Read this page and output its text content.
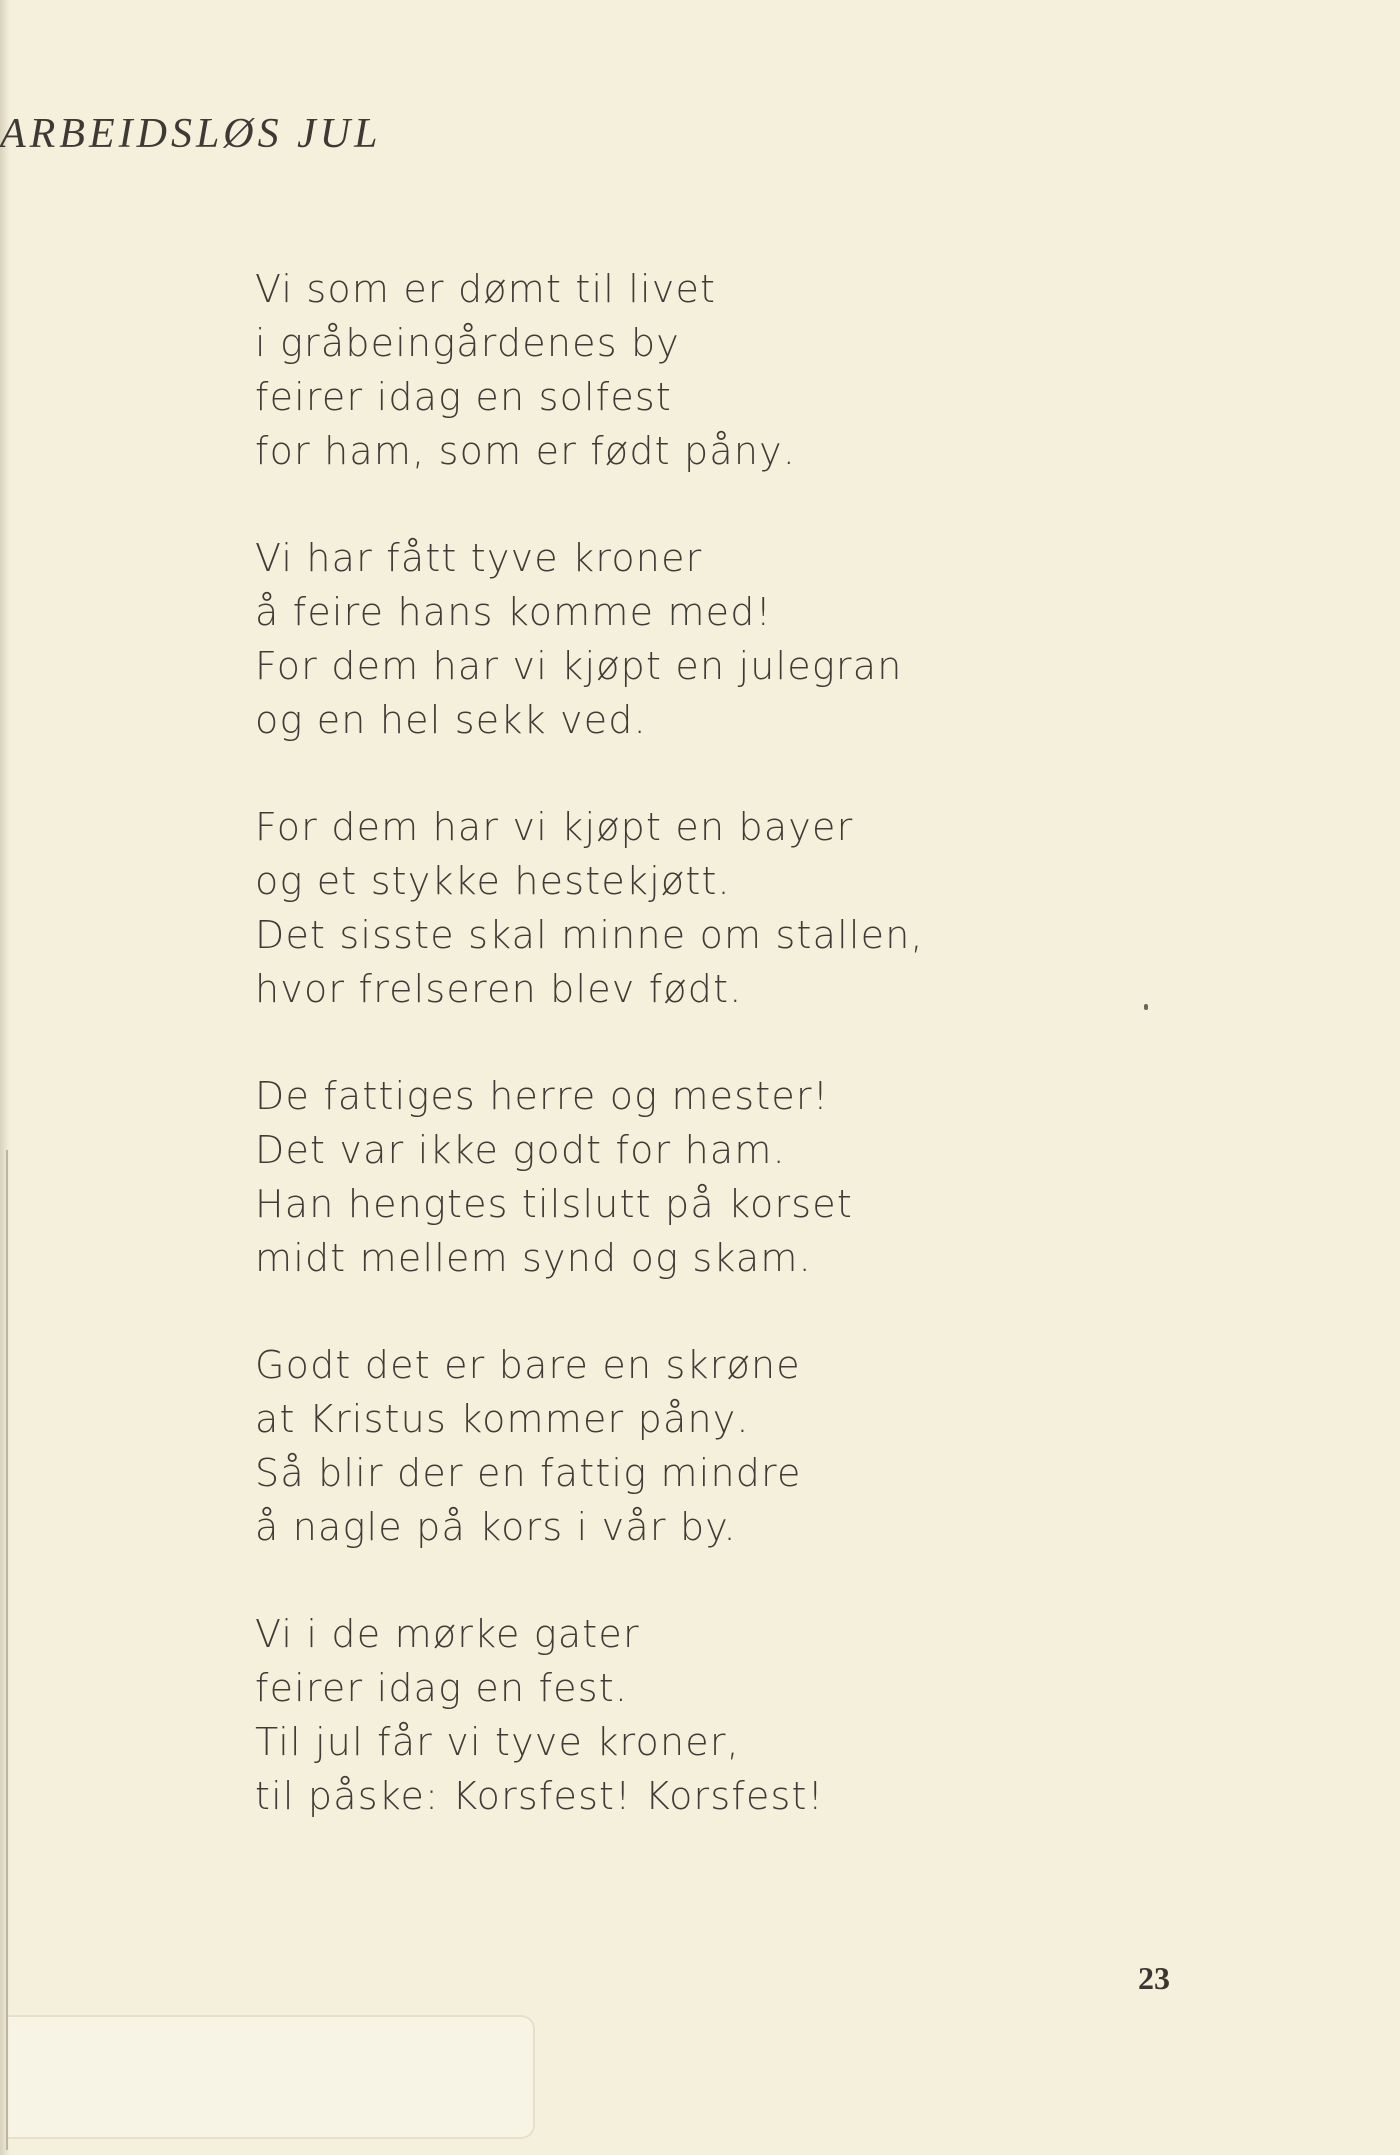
ARBEIDSLØS JUL
Vi som er dømt til livet
i gråbeingårdenes by
feirer idag en solfest
for ham, som er født pånу.
Vi har fått tyve kroner
å feire hans komme med!
For dem har vi kjøpt en julegran
og en hel sekk ved.
For dem har vi kjøpt en bayer
og et stykke hestekjøtt.
Det sisste skal minne om stallen,
hvor frelseren blev født.
De fattiges herre og mester!
Det var ikke godt for ham.
Han hengtes tilslutt på korset
midt mellem synd og skam.
Godt det er bare en skrøne
at Kristus kommer pånу.
Så blir der en fattig mindre
å nagle på kors i vår by.
Vi i de mørke gater
feirer idag en fest.
Til jul får vi tyve kroner,
til påske: Korsfest! Korsfest!
23
